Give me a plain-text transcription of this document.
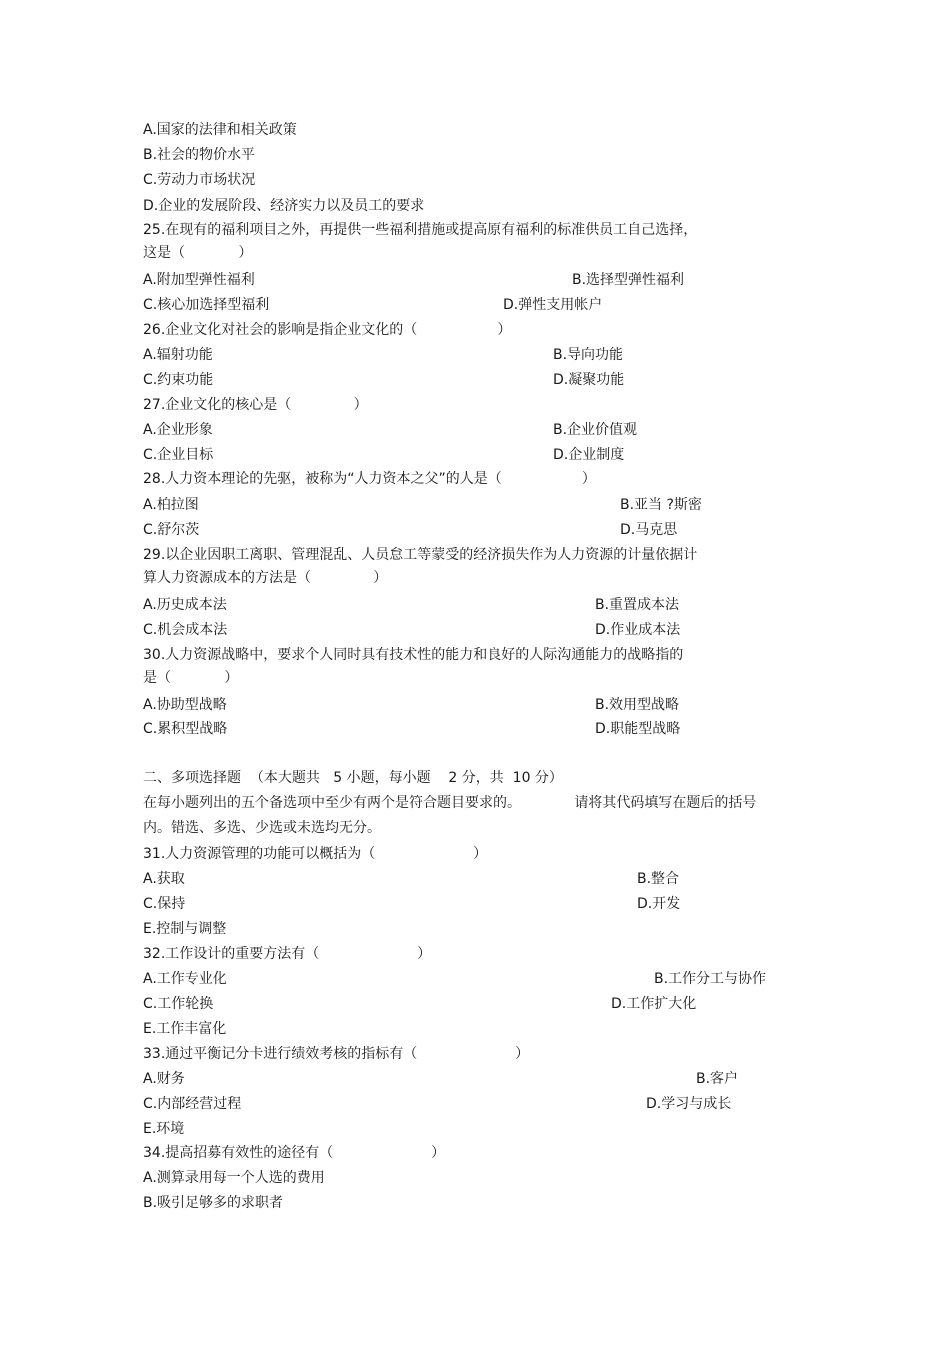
A.国家的法律和相关政策
B.社会的物价水平
C.劳动力市场状况
D.企业的发展阶段、经济实力以及员工的要求
25.在现有的福利项目之外，再提供一些福利措施或提高原有福利的标准供员工自己选择，
这是（            ）
A.附加型弹性福利	B.选择型弹性福利
C.核心加选择型福利	D.弹性支用帐户
26.企业文化对社会的影响是指企业文化的（                  ）
A.辐射功能	B.导向功能
C.约束功能	D.凝聚功能
27.企业文化的核心是（              ）
A.企业形象	B.企业价值观
C.企业目标	D.企业制度
28.人力资本理论的先驱，被称为“人力资本之父”的人是（                  ）
A.柏拉图	B.亚当 ?斯密
C.舒尔茨	D.马克思
29.以企业因职工离职、管理混乱、人员怠工等蒙受的经济损失作为人力资源的计量依据计
算人力资源成本的方法是（              ）
A.历史成本法	B.重置成本法
C.机会成本法	D.作业成本法
30.人力资源战略中，要求个人同时具有技术性的能力和良好的人际沟通能力的战略指的
是（            ）
A.协助型战略	B.效用型战略
C.累积型战略	D.职能型战略
二、多项选择题  （本大题共   5 小题，每小题    2 分，共  10 分）
在每小题列出的五个备选项中至少有两个是符合题目要求的。            请将其代码填写在题后的括号
内。错选、多选、少选或未选均无分。
31.人力资源管理的功能可以概括为（                      ）
A.获取	B.整合
C.保持	D.开发
E.控制与调整
32.工作设计的重要方法有（                      ）
A.工作专业化	B.工作分工与协作
C.工作轮换	D.工作扩大化
E.工作丰富化
33.通过平衡记分卡进行绩效考核的指标有（                      ）
A.财务	B.客户
C.内部经营过程	D.学习与成长
E.环境
34.提高招募有效性的途径有（                      ）
A.测算录用每一个人选的费用
B.吸引足够多的求职者
